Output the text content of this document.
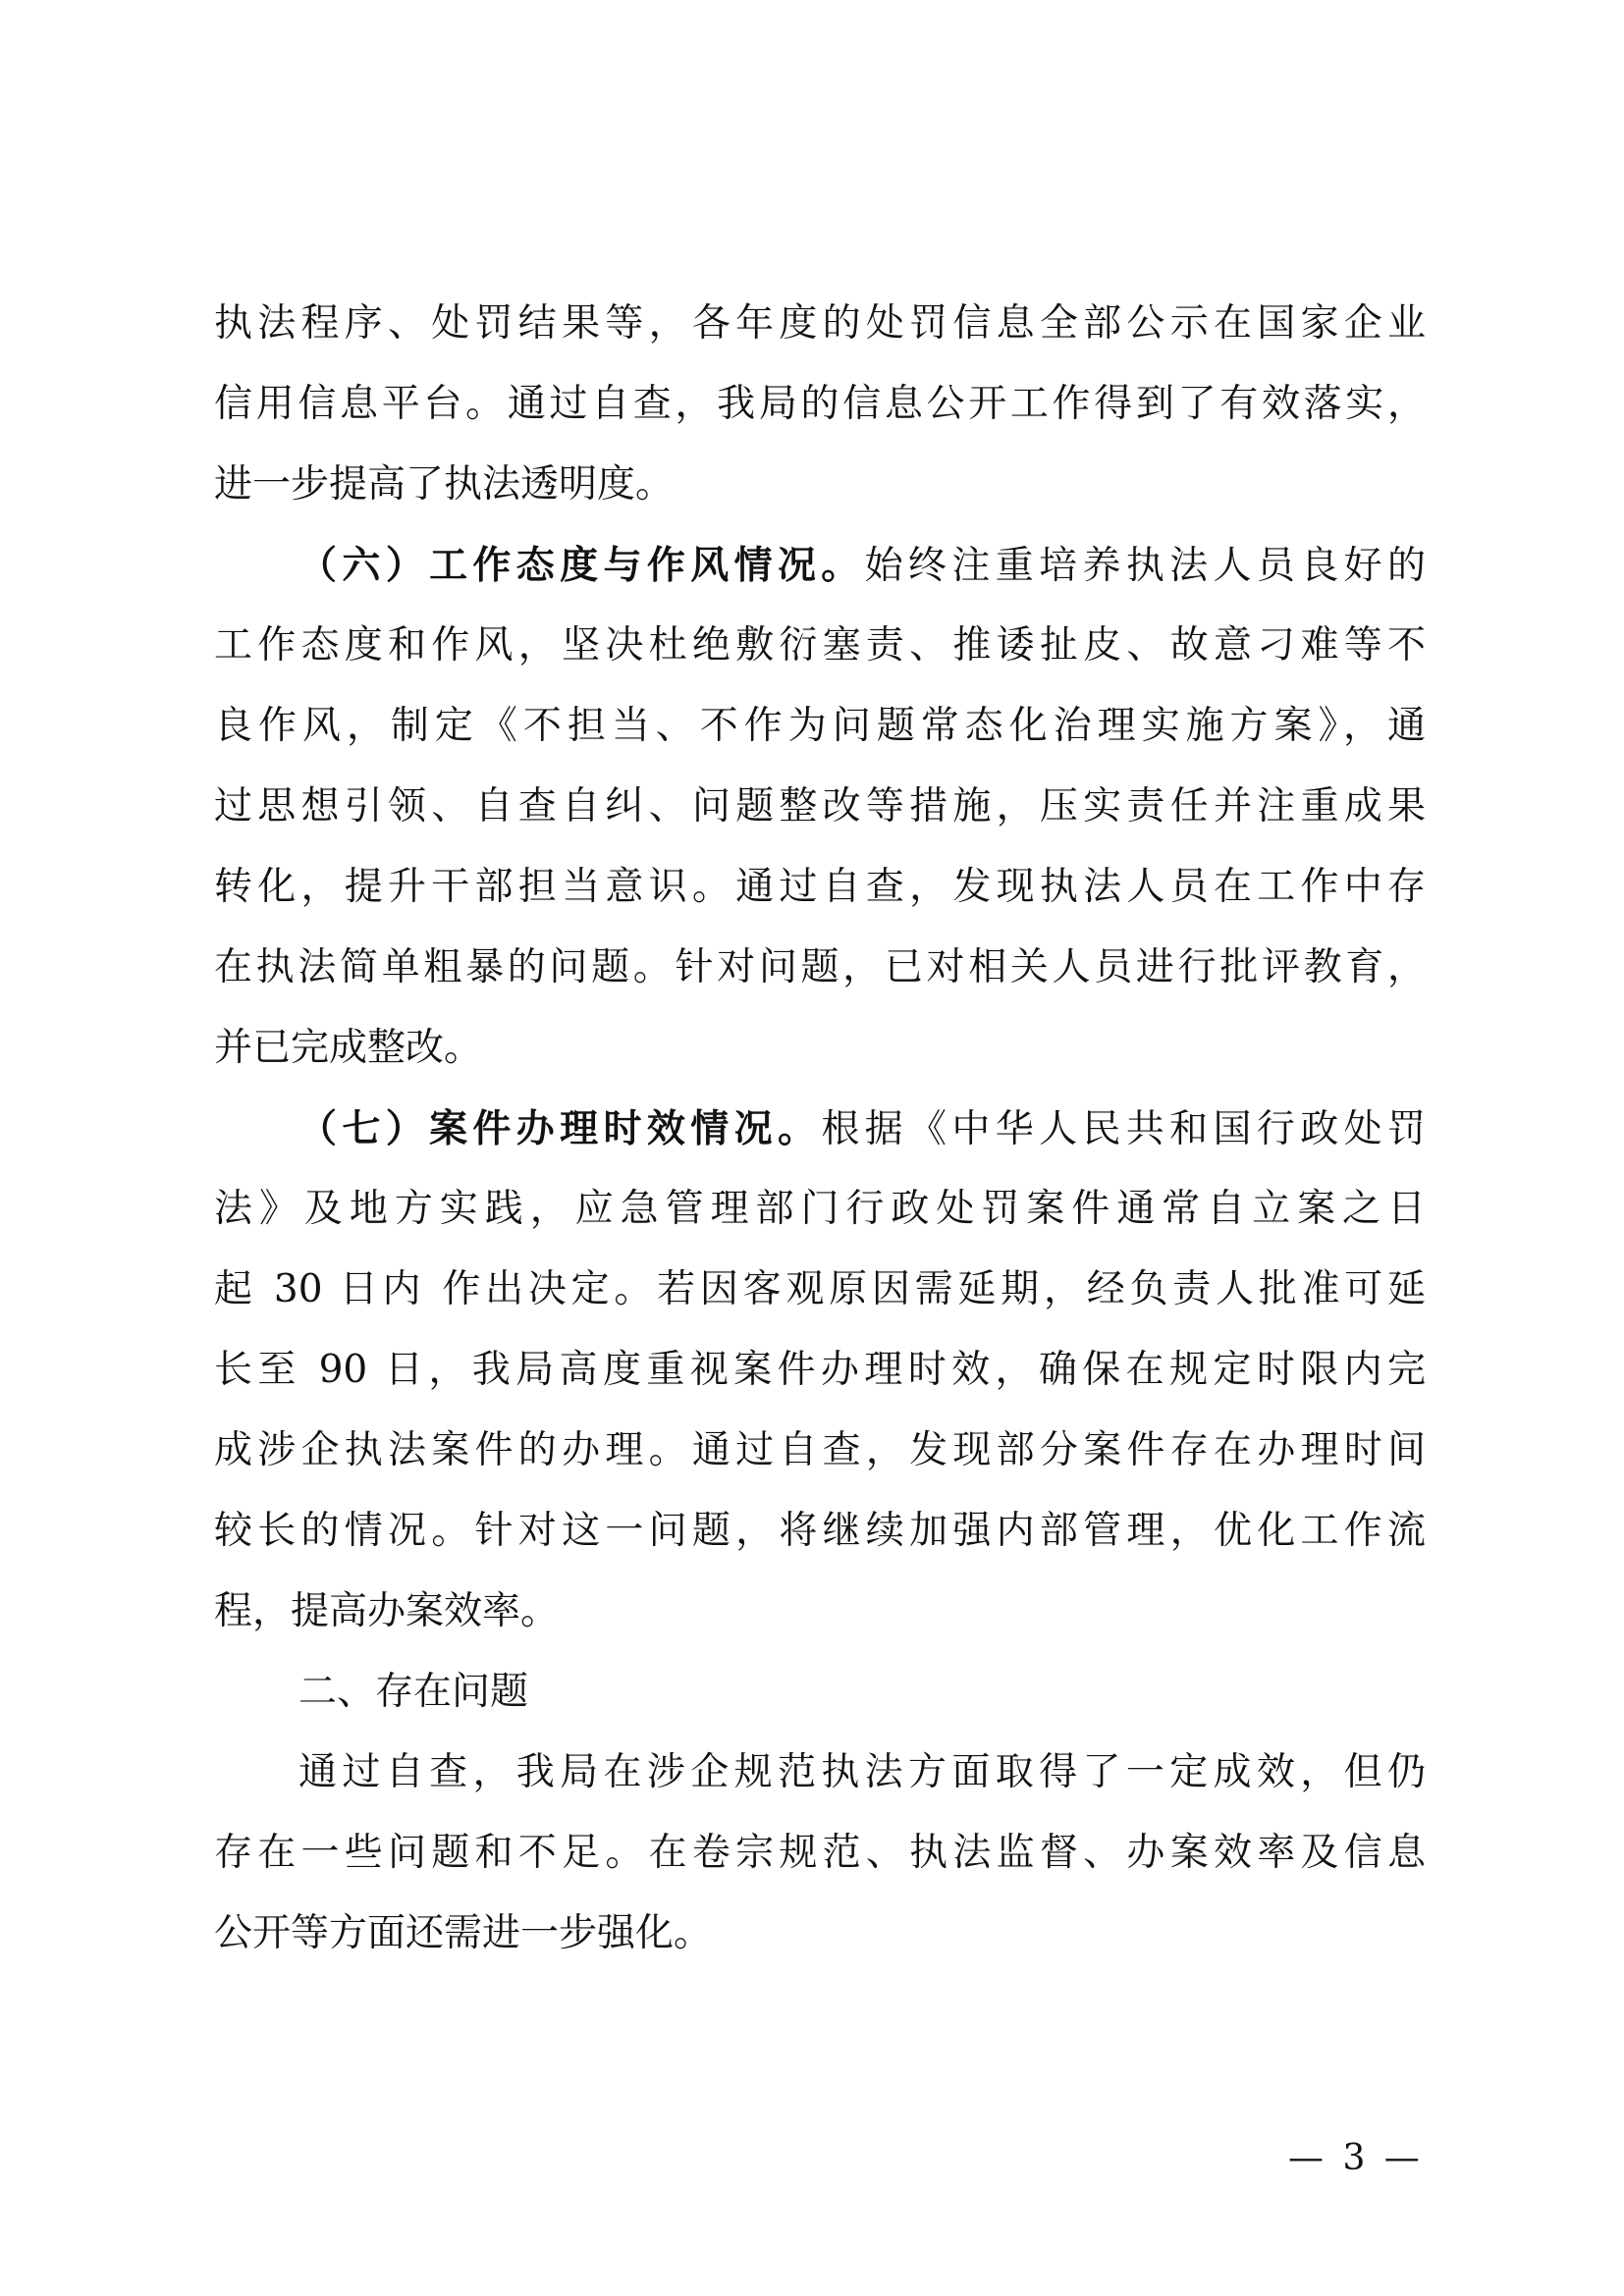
执法程序、处罚结果等，各年度的处罚信息全部公示在国家企业
信用信息平台。通过自查，我局的信息公开工作得到了有效落实，
进一步提高了执法透明度。
（六）工作态度与作风情况。始终注重培养执法人员良好的
工作态度和作风，坚决杜绝敷衍塞责、推诿扯皮、故意刁难等不
良作风，制定《不担当、不作为问题常态化治理实施方案》，通
过思想引领、自查自纠、问题整改等措施，压实责任并注重成果
转化，提升干部担当意识。通过自查，发现执法人员在工作中存
在执法简单粗暴的问题。针对问题，已对相关人员进行批评教育，
并已完成整改。
（七）案件办理时效情况。根据《中华人民共和国行政处罚
法》及地方实践，应急管理部门行政处罚案件通常自立案之日
起 30 日内 作出决定。若因客观原因需延期，经负责人批准可延
长至 90 日，我局高度重视案件办理时效，确保在规定时限内完
成涉企执法案件的办理。通过自查，发现部分案件存在办理时间
较长的情况。针对这一问题，将继续加强内部管理，优化工作流
程，提高办案效率。
二、存在问题
通过自查，我局在涉企规范执法方面取得了一定成效，但仍
存在一些问题和不足。在卷宗规范、执法监督、办案效率及信息
公开等方面还需进一步强化。
— 3 —
